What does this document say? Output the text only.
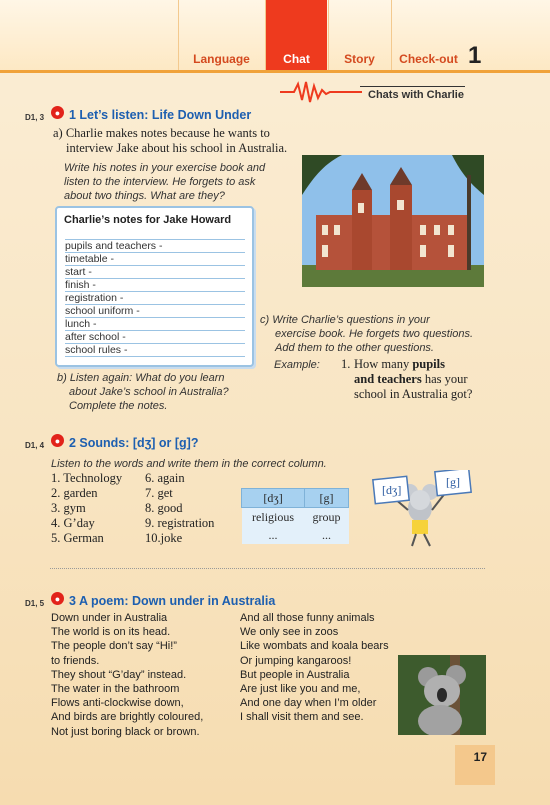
Language	Chat	Story	Check-out 1
Chats with Charlie
D1, 3	● 1 Let’s listen: Life Down Under
a) Charlie makes notes because he wants to
interview Jake about his school in Australia.
Write his notes in your exercise book and
listen to the interview. He forgets to ask
about two things. What are they?
Charlie’s notes for Jake Howard
pupils and teachers -
timetable -
start -
finish -
registration -
school uniform -
lunch -
after school -
school rules -
c) Write Charlie’s questions in your
exercise book. He forgets two questions.
Add them to the other questions.
Example: 1. How many pupils
and teachers has your
school in Australia got?
b) Listen again: What do you learn
about Jake’s school in Australia?
Complete the notes.
D1, 4	● 2 Sounds: [dʒ] or [g]?
Listen to the words and write them in the correct column.
1. Technology
2. garden
3. gym
4. G’day
5. German
6. again
7. get
8. good
9. registration
10.joke
[dʒ]	[g]
religious	group
...	...
[dʒ]
[g]
D1, 5	● 3 A poem: Down under in Australia
Down under in Australia
The world is on its head.
The people don’t say “Hi!”
to friends.
They shout “G’day” instead.
The water in the bathroom
Flows anti-clockwise down,
And birds are brightly coloured,
Not just boring black or brown.
And all those funny animals
We only see in zoos
Like wombats and koala bears
Or jumping kangaroos!
But people in Australia
Are just like you and me,
And one day when I’m older
I shall visit them and see.
17
